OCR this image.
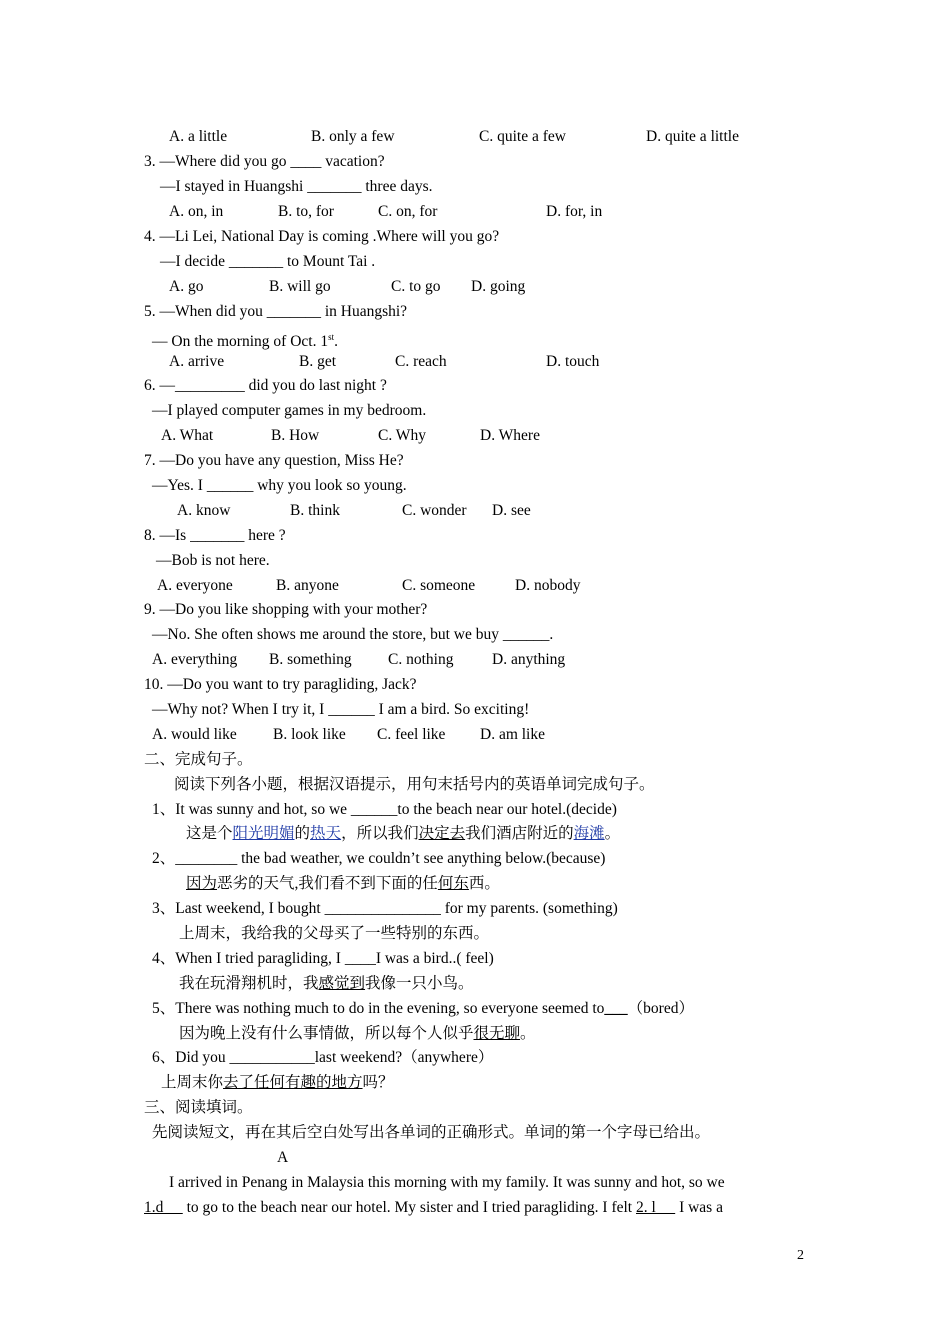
A. a little	B. only a few	C. quite a few	D. quite a little
3. —Where did you go ____ vacation?
—I stayed in Huangshi _______ three days.
A. on, in	B. to, for	C. on, for	D. for, in
4. —Li Lei, National Day is coming .Where will you go?
—I decide _______ to Mount Tai .
A. go	B. will go	C. to go D. going
5. —When did you _______ in Huangshi?
— On the morning of Oct. 1st.
A. arrive	B. get	C. reach	D. touch
6. —_________ did you do last night ?
—I played computer games in my bedroom.
A. What	B. How	C. Why	D. Where
7. —Do you have any question, Miss He?
—Yes. I ______ why you look so young.
A. know	B. think	C. wonder D. see
8. —Is _______ here ?
—Bob is not here.
A. everyone	B. anyone	C. someone	D. nobody
9. —Do you like shopping with your mother?
—No. She often shows me around the store, but we buy ______.
A. everything B. something C. nothing D. anything
10. —Do you want to try paragliding, Jack?
—Why not? When I try it, I ______ I am a bird. So exciting!
A. would like B. look like C. feel like D. am like
二、完成句子。
阅读下列各小题，根据汉语提示，用句末括号内的英语单词完成句子。
1、It was sunny and hot, so we ______to the beach near our hotel.(decide)
这是个阳光明媚的热天，所以我们决定去我们酒店附近的海滩。
2、________ the bad weather, we couldn’t see anything below.(because)
因为恶劣的天气,我们看不到下面的任何东西。
3、Last weekend, I bought _______________ for my parents. (something)
上周末，我给我的父母买了一些特别的东西。
4、When I tried paragliding, I ____I was a bird..( feel)
我在玩滑翔机时，我感觉到我像一只小鸟。
5、There was nothing much to do in the evening, so everyone seemed to___（bored）
因为晚上没有什么事情做，所以每个人似乎很无聊。
6、Did you ___________last weekend?（anywhere）
上周末你去了任何有趣的地方吗？
三、阅读填词。
先阅读短文，再在其后空白处写出各单词的正确形式。单词的第一个字母已给出。
A
I arrived in Penang in Malaysia this morning with my family. It was sunny and hot, so we
1.d      to go to the beach near our hotel. My sister and I tried paragliding. I felt 2. l      I was a
2
